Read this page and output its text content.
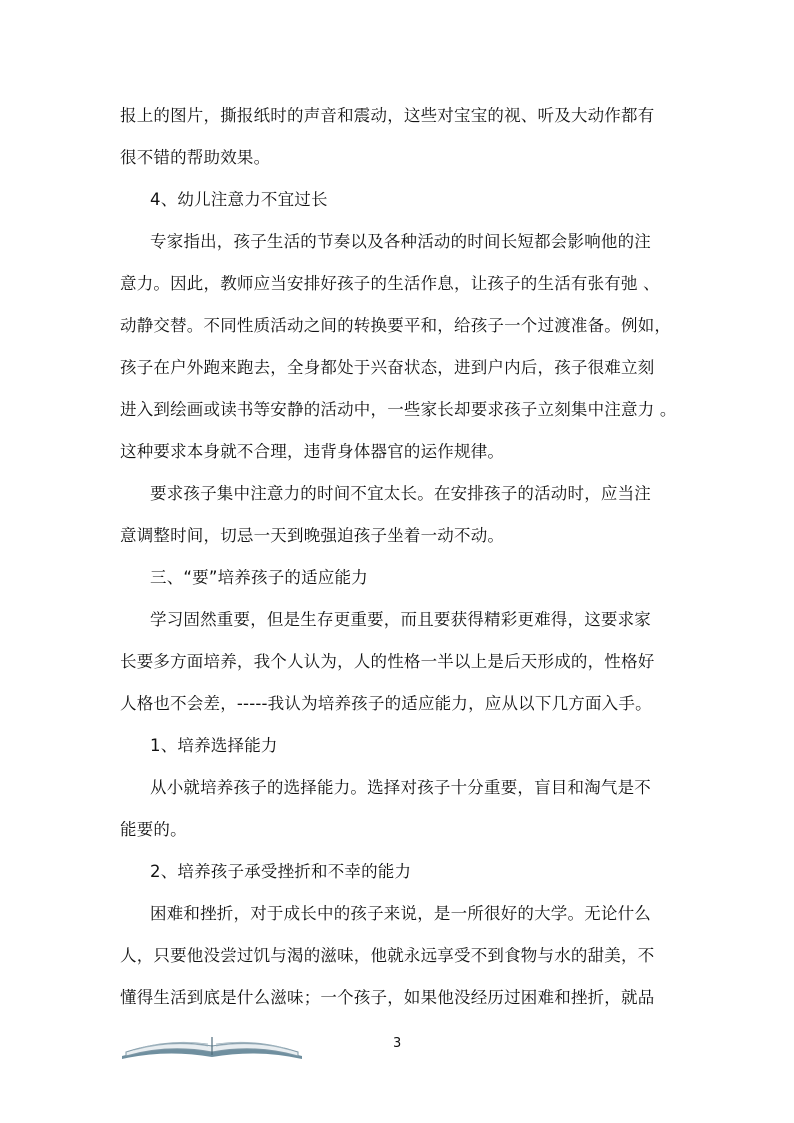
报上的图片，撕报纸时的声音和震动，这些对宝宝的视、听及大动作都有
很不错的帮助效果。
4、幼儿注意力不宜过长
专家指出，孩子生活的节奏以及各种活动的时间长短都会影响他的注
意力。因此，教师应当安排好孩子的生活作息，让孩子的生活有张有弛 、
动静交替。不同性质活动之间的转换要平和，给孩子一个过渡准备。例如，
孩子在户外跑来跑去，全身都处于兴奋状态，进到户内后，孩子很难立刻
进入到绘画或读书等安静的活动中，一些家长却要求孩子立刻集中注意力 。
这种要求本身就不合理，违背身体器官的运作规律。
要求孩子集中注意力的时间不宜太长。在安排孩子的活动时，应当注
意调整时间，切忌一天到晚强迫孩子坐着一动不动。
三、“要”培养孩子的适应能力
学习固然重要，但是生存更重要，而且要获得精彩更难得，这要求家
长要多方面培养，我个人认为，人的性格一半以上是后天形成的，性格好
人格也不会差，-----我认为培养孩子的适应能力，应从以下几方面入手。
1、培养选择能力
从小就培养孩子的选择能力。选择对孩子十分重要，盲目和淘气是不
能要的。
2、培养孩子承受挫折和不幸的能力
困难和挫折，对于成长中的孩子来说，是一所很好的大学。无论什么
人，只要他没尝过饥与渴的滋味，他就永远享受不到食物与水的甜美，不
懂得生活到底是什么滋味；一个孩子，如果他没经历过困难和挫折，就品
3
